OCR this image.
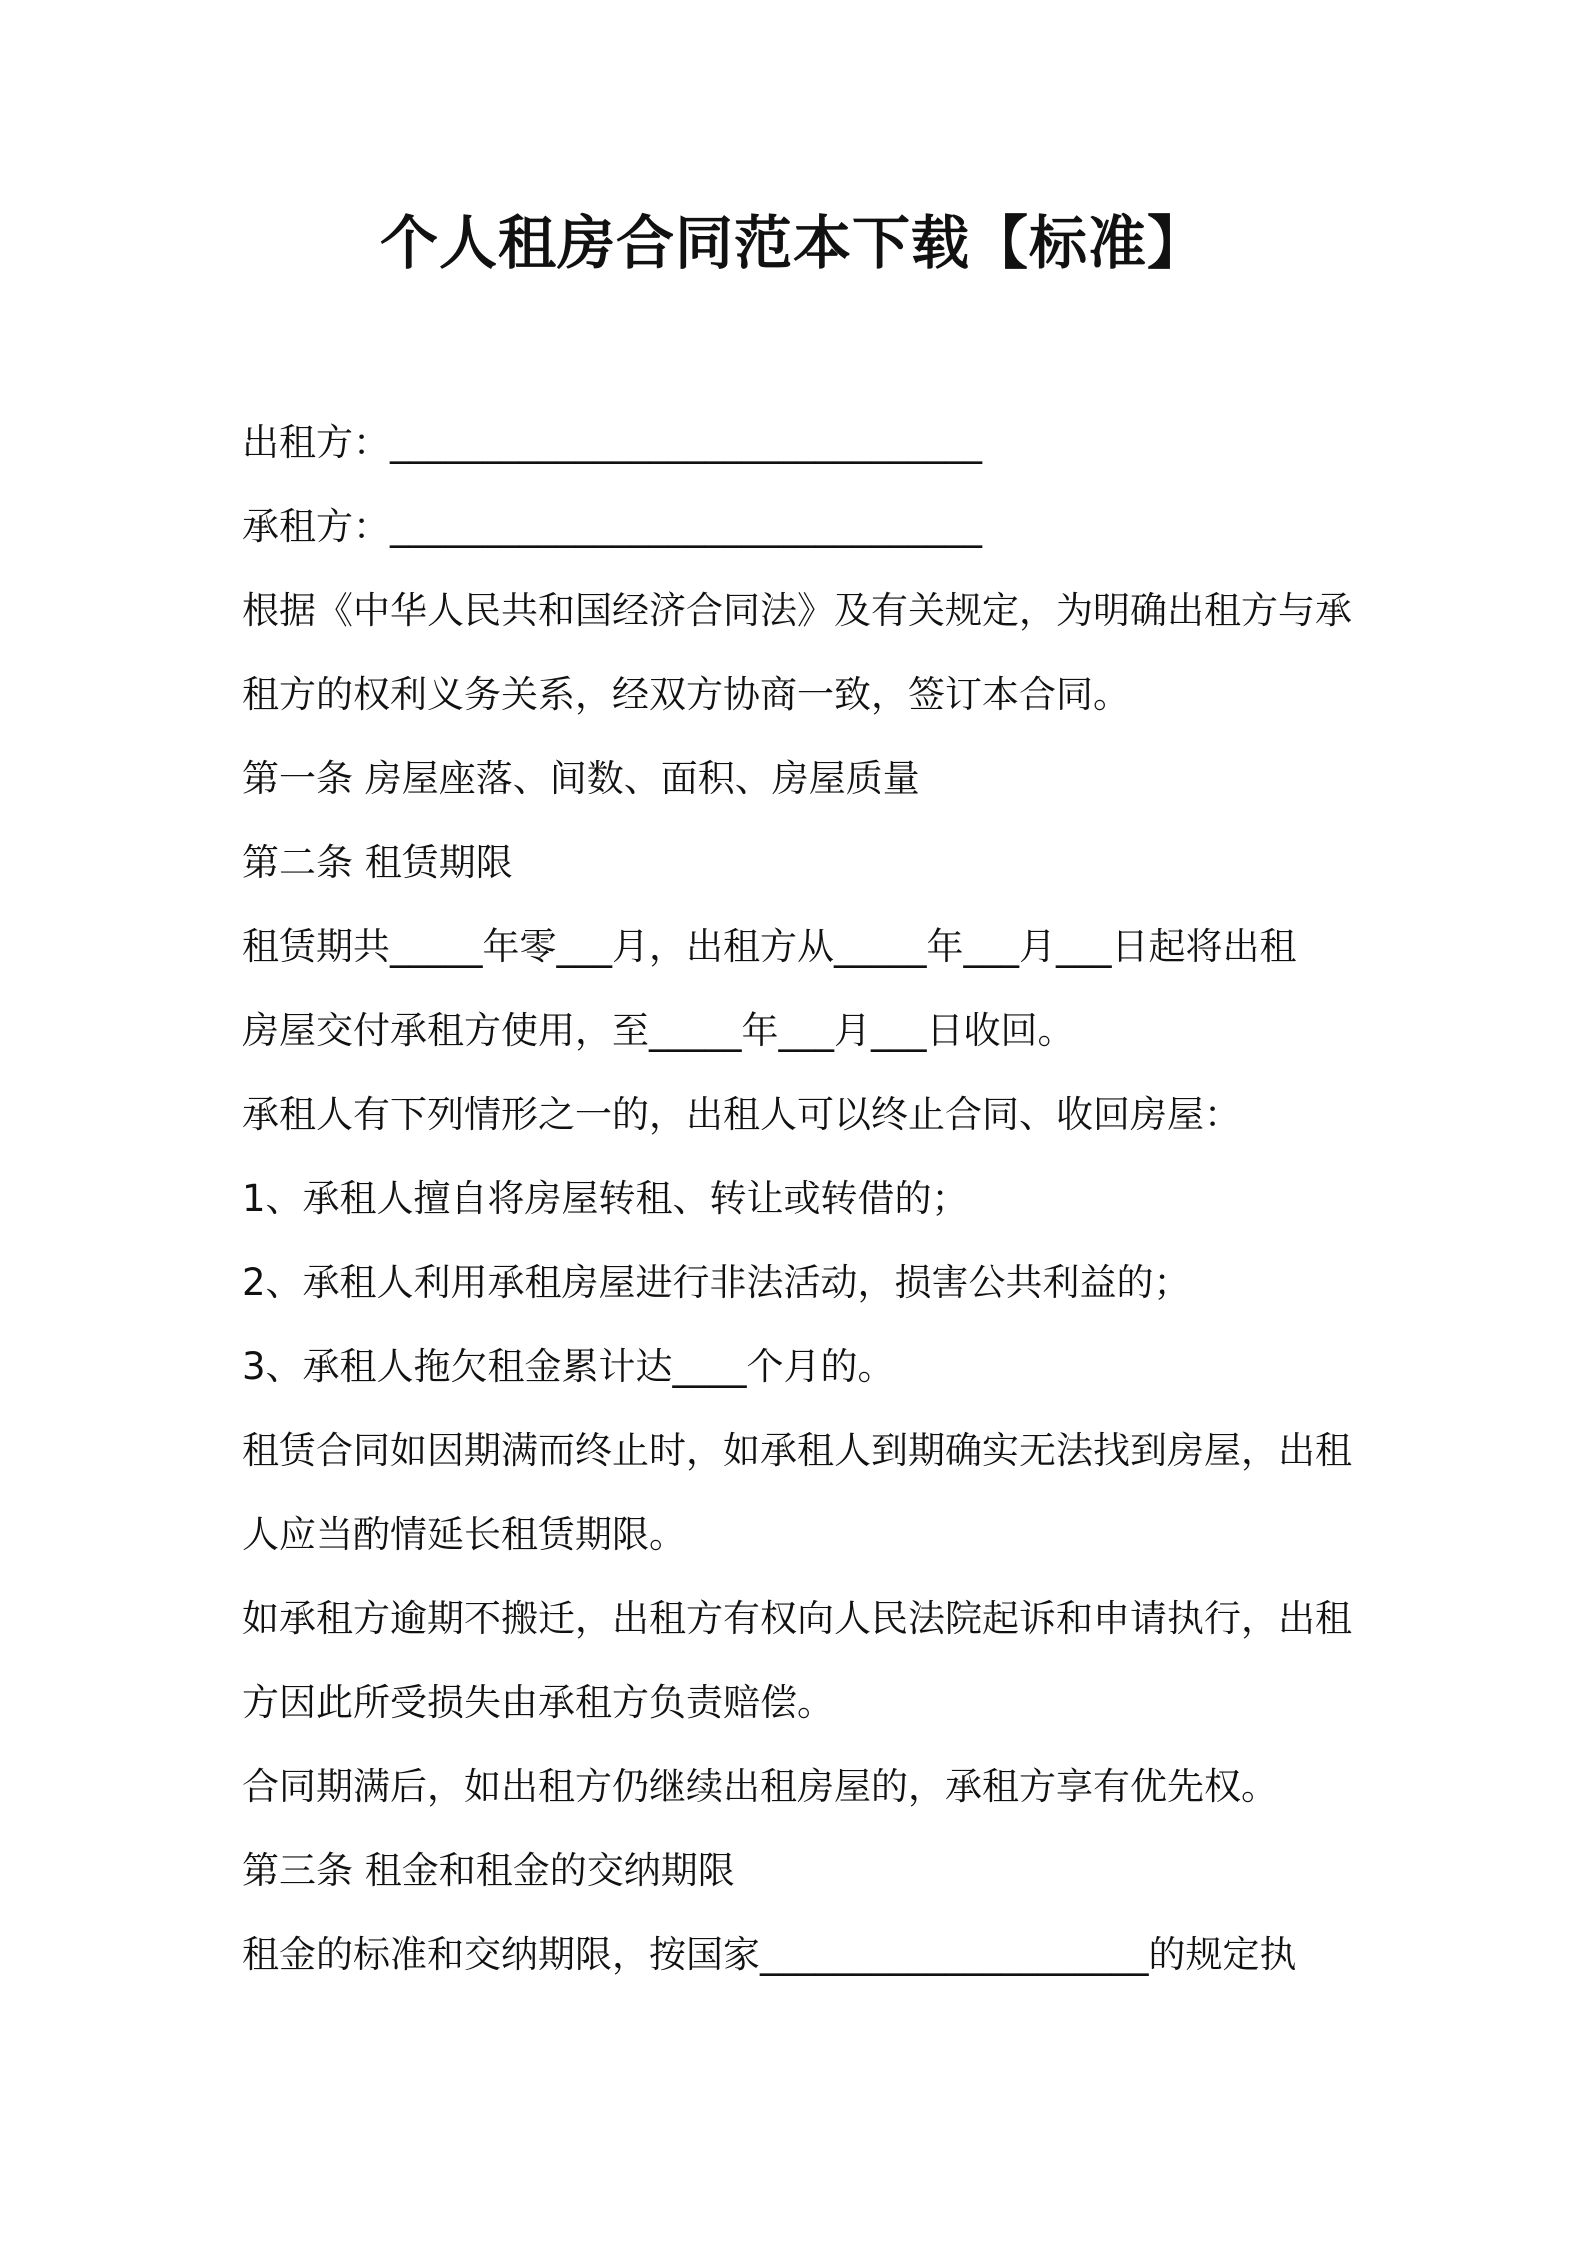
个人租房合同范本下载【标准】
出租方：________________________________
承租方：________________________________
根据《中华人民共和国经济合同法》及有关规定，为明确出租方与承
租方的权利义务关系，经双方协商一致，签订本合同。
第一条 房屋座落、间数、面积、房屋质量
第二条 租赁期限
租赁期共_____年零___月，出租方从_____年___月___日起将出租
房屋交付承租方使用，至_____年___月___日收回。
承租人有下列情形之一的，出租人可以终止合同、收回房屋：
1、承租人擅自将房屋转租、转让或转借的；
2、承租人利用承租房屋进行非法活动，损害公共利益的；
3、承租人拖欠租金累计达____个月的。
租赁合同如因期满而终止时，如承租人到期确实无法找到房屋，出租
人应当酌情延长租赁期限。
如承租方逾期不搬迁，出租方有权向人民法院起诉和申请执行，出租
方因此所受损失由承租方负责赔偿。
合同期满后，如出租方仍继续出租房屋的，承租方享有优先权。
第三条 租金和租金的交纳期限
租金的标准和交纳期限，按国家_____________________的规定执
